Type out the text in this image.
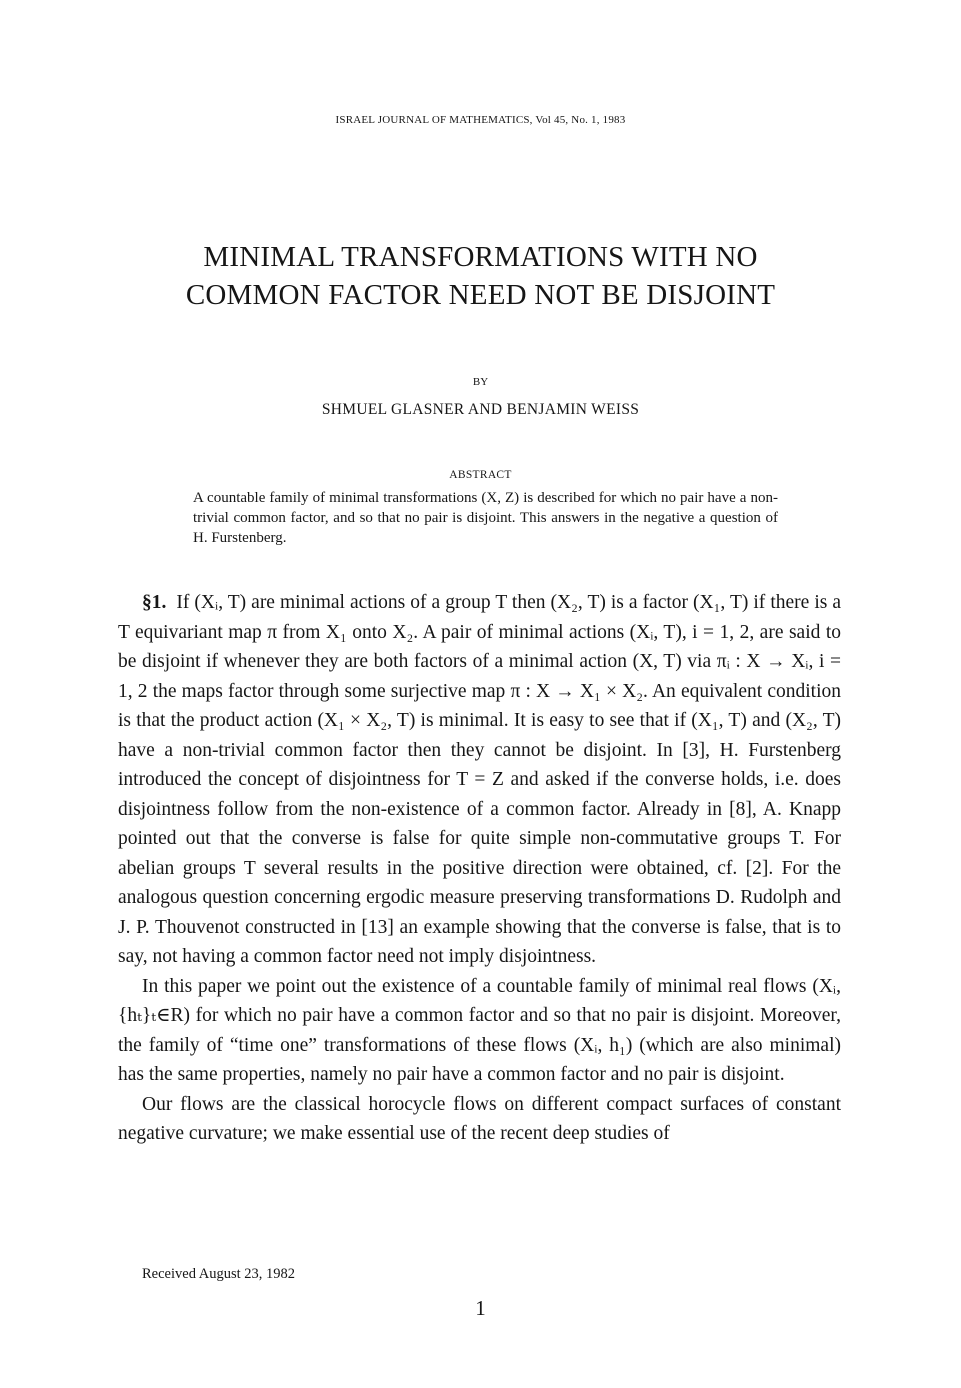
ISRAEL JOURNAL OF MATHEMATICS, Vol 45, No. 1, 1983
MINIMAL TRANSFORMATIONS WITH NO
COMMON FACTOR NEED NOT BE DISJOINT
BY
SHMUEL GLASNER AND BENJAMIN WEISS
ABSTRACT
A countable family of minimal transformations (X, Z) is described for which no pair have a non-trivial common factor, and so that no pair is disjoint. This answers in the negative a question of H. Furstenberg.

§1. If (Xᵢ, T) are minimal actions of a group T then (X₂, T) is a factor (X₁, T) if there is a T equivariant map π from X₁ onto X₂. A pair of minimal actions (Xᵢ, T), i = 1, 2, are said to be disjoint if whenever they are both factors of a minimal action (X, T) via πᵢ : X → Xᵢ, i = 1, 2 the maps factor through some surjective map π : X → X₁ × X₂. An equivalent condition is that the product action (X₁ × X₂, T) is minimal. It is easy to see that if (X₁, T) and (X₂, T) have a non-trivial common factor then they cannot be disjoint. In [3], H. Furstenberg introduced the concept of disjointness for T = Z and asked if the converse holds, i.e. does disjointness follow from the non-existence of a common factor. Already in [8], A. Knapp pointed out that the converse is false for quite simple non-commutative groups T. For abelian groups T several results in the positive direction were obtained, cf. [2]. For the analogous question concerning ergodic measure preserving transformations D. Rudolph and J. P. Thouvenot constructed in [13] an example showing that the converse is false, that is to say, not having a common factor need not imply disjointness.

In this paper we point out the existence of a countable family of minimal real flows (Xᵢ, {hₜ}ₜ∈R) for which no pair have a common factor and so that no pair is disjoint. Moreover, the family of “time one” transformations of these flows (Xᵢ, h₁) (which are also minimal) has the same properties, namely no pair have a common factor and no pair is disjoint.

Our flows are the classical horocycle flows on different compact surfaces of constant negative curvature; we make essential use of the recent deep studies of

Received August 23, 1982
1
